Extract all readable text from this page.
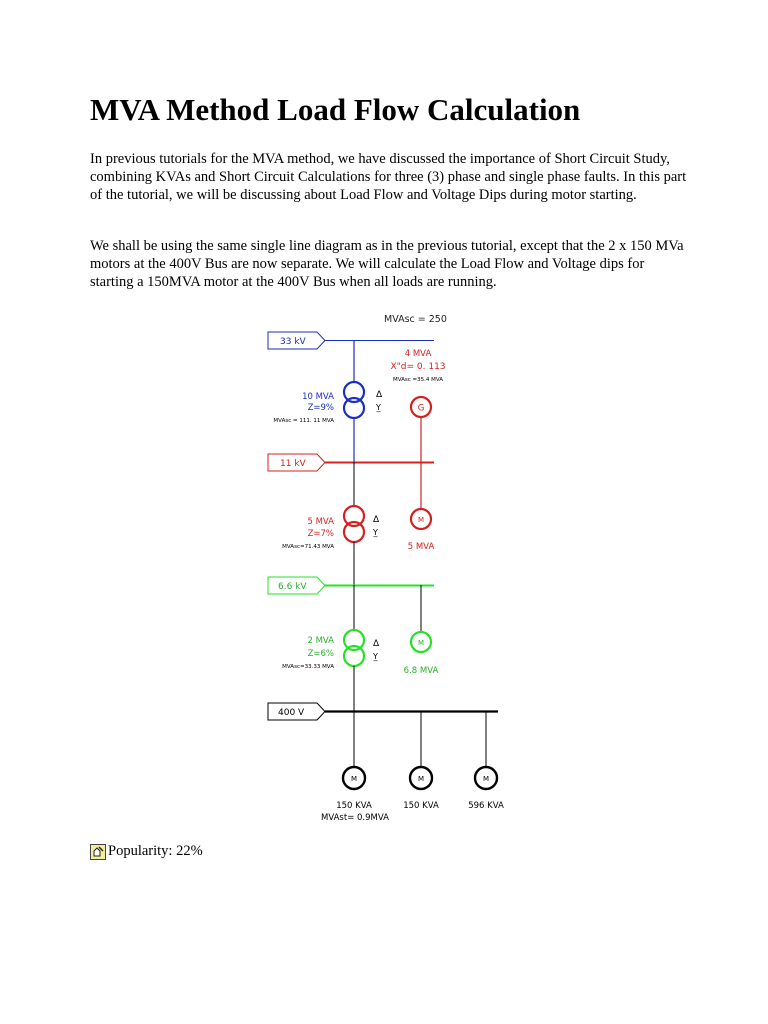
MVA Method Load Flow Calculation

In previous tutorials for the MVA method, we have discussed the importance of Short Circuit Study, combining KVAs and Short Circuit Calculations for three (3) phase and single phase faults. In this part of the tutorial, we will be discussing about Load Flow and Voltage Dips during motor starting.

We shall be using the same single line diagram as in the previous tutorial, except that the 2 x 150 MVa motors at the 400V Bus are now separate. We will calculate the Load Flow and Voltage dips for starting a 150MVA motor at the 400V Bus when all loads are running.

MVAsc = 250
33 kV
Δ
Y̲
10 MVA
Z=9%
MVAsc = 111. 11 MVA
4 MVA
X"d= 0. 113
MVAsc =35.4 MVA
G
11 kV
Δ
Y̲
5 MVA
Z=7%
MVAsc=71.43 MVA
M
5 MVA
6.6 kV
Δ
Y̲
2 MVA
Z=6%
MVAsc=33.33 MVA
M
6.8 MVA
400 V
M	M	M
150 KVA	150 KVA	596 KVA
MVAst= 0.9MVA
Popularity: 22%
